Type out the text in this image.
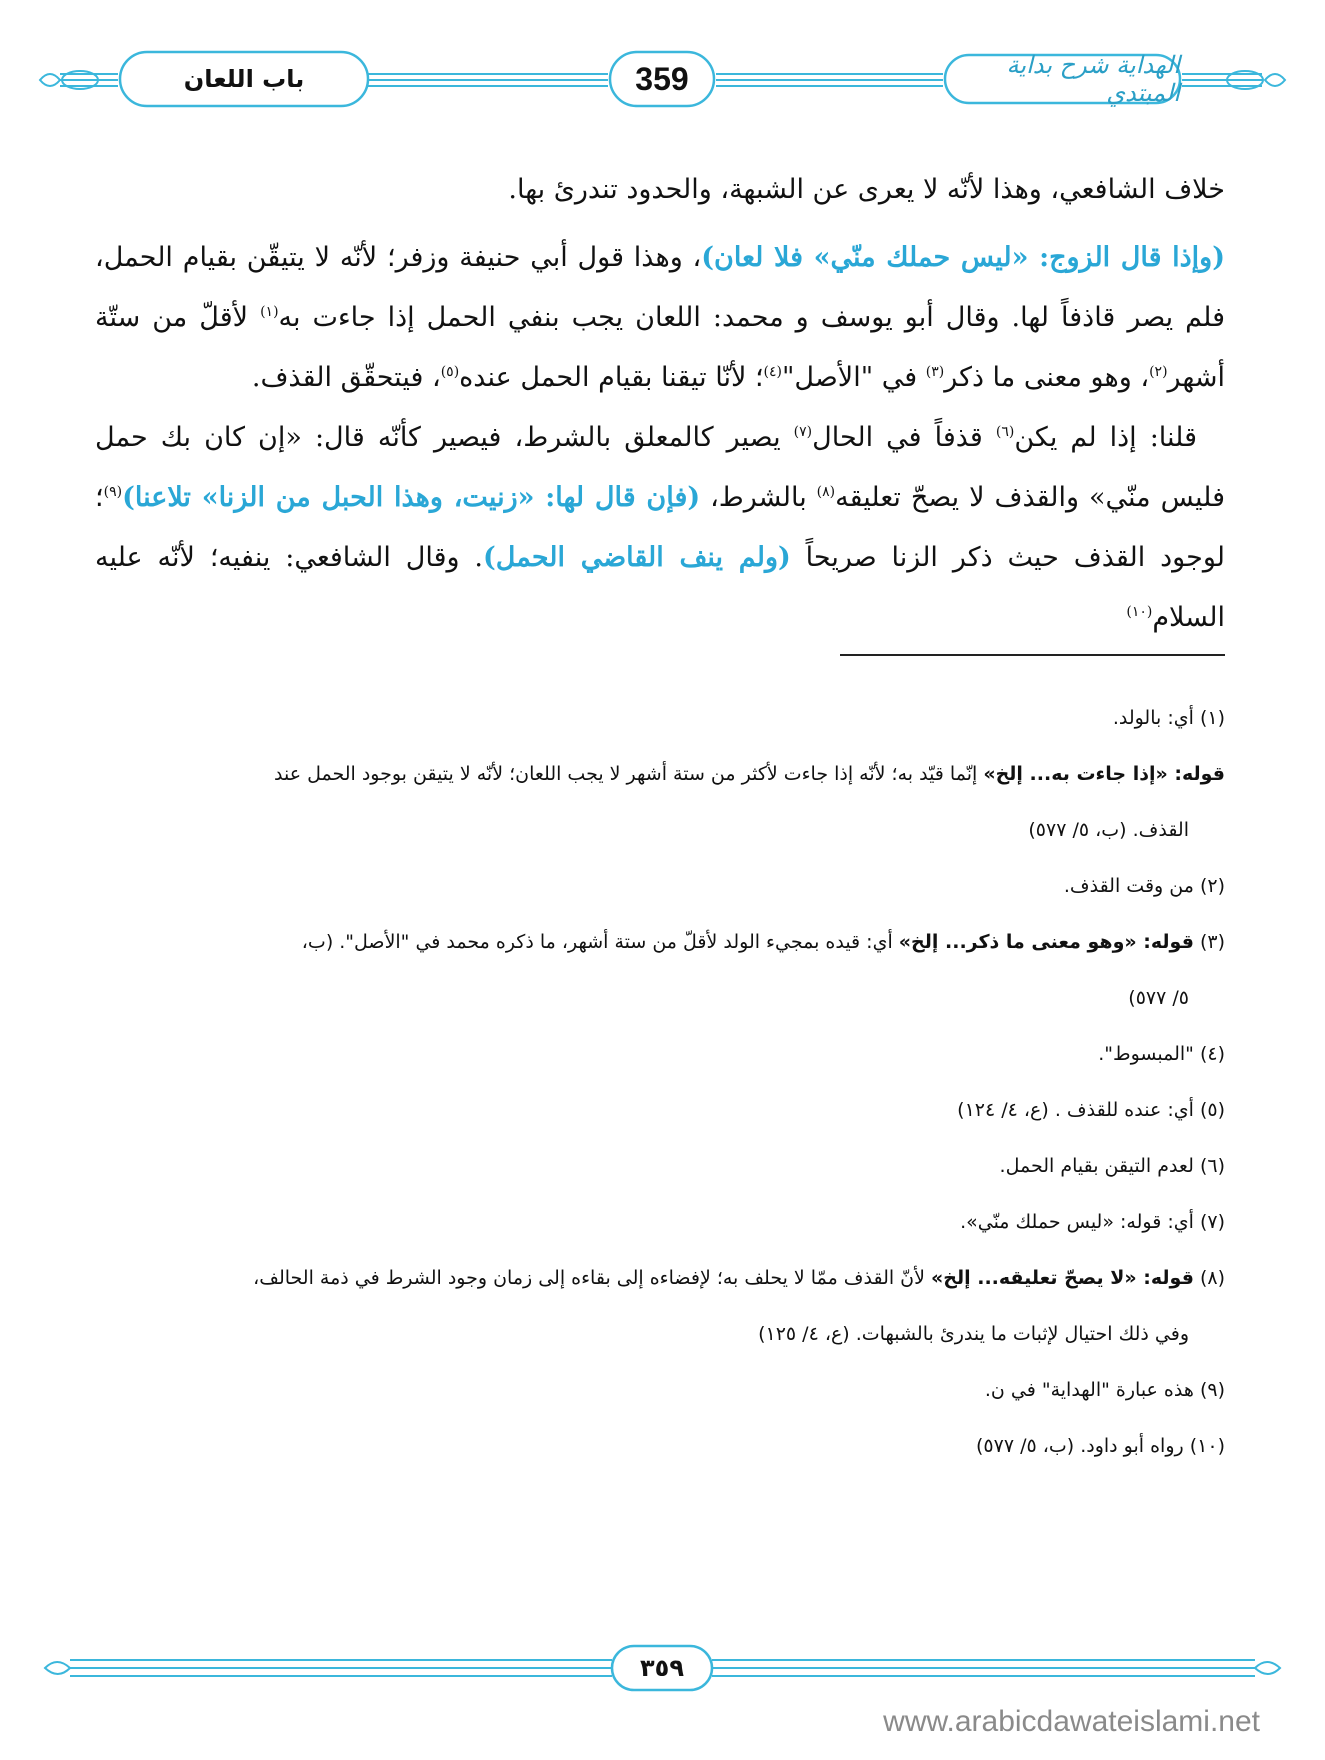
الهداية شرح بداية المبتدي
359
باب اللعان

خلاف الشافعي، وهذا لأنّه لا يعرى عن الشبهة، والحدود تندرئ بها.

(وإذا قال الزوج: «ليس حملك منّي» فلا لعان)، وهذا قول أبي حنيفة وزفر؛ لأنّه لا يتيقّن بقيام الحمل، فلم يصر قاذفاً لها. وقال أبو يوسف و محمد: اللعان يجب بنفي الحمل إذا جاءت به$^{(١)}$ لأقلّ من ستّة أشهر$^{(٢)}$، وهو معنى ما ذكر$^{(٣)}$ في "الأصل"$^{(٤)}$؛ لأنّا تيقنا بقيام الحمل عنده$^{(٥)}$، فيتحقّق القذف.

قلنا: إذا لم يكن$^{(٦)}$ قذفاً في الحال$^{(٧)}$ يصير كالمعلق بالشرط، فيصير كأنّه قال: «إن كان بك حمل فليس منّي» والقذف لا يصحّ تعليقه$^{(٨)}$ بالشرط، (فإن قال لها: «زنيت، وهذا الحبل من الزنا» تلاعنا)$^{(٩)}$؛ لوجود القذف حيث ذكر الزنا صريحاً (ولم ينف القاضي الحمل). وقال الشافعي: ينفيه؛ لأنّه عليه السلام$^{(١٠)}$

(١) أي: بالولد.

قوله: «إذا جاءت به... إلخ» إنّما قيّد به؛ لأنّه إذا جاءت لأكثر من ستة أشهر لا يجب اللعان؛ لأنّه لا يتيقن بوجود الحمل عند
القذف. (ب، ٥/ ٥٧٧)

(٢) من وقت القذف.

(٣) قوله: «وهو معنى ما ذكر... إلخ» أي: قيده بمجيء الولد لأقلّ من ستة أشهر، ما ذكره محمد في "الأصل". (ب،
٥/ ٥٧٧)

(٤) "المبسوط".

(٥) أي: عنده للقذف . (ع، ٤/ ١٢٤)

(٦) لعدم التيقن بقيام الحمل.

(٧) أي: قوله: «ليس حملك منّي».

(٨) قوله: «لا يصحّ تعليقه... إلخ» لأنّ القذف ممّا لا يحلف به؛ لإفضاءه إلى بقاءه إلى زمان وجود الشرط في ذمة الحالف،
وفي ذلك احتيال لإثبات ما يندرئ بالشبهات. (ع، ٤/ ١٢٥)

(٩) هذه عبارة "الهداية" في ن.

(١٠) رواه أبو داود. (ب، ٥/ ٥٧٧)

٣٥٩
www.arabicdawateislami.net
